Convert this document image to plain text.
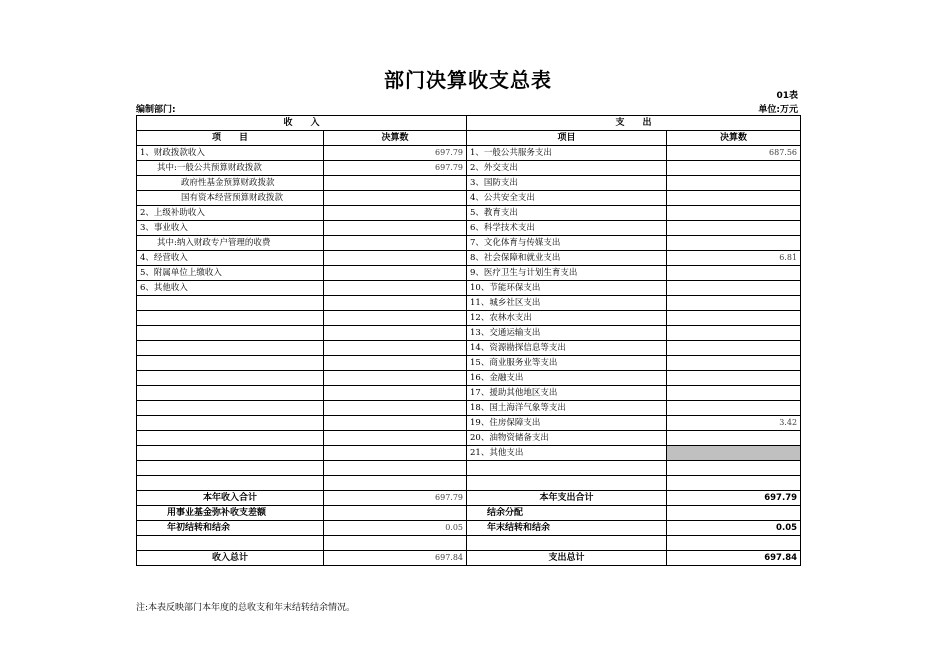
部门决算收支总表
01表
编制部门:	单位:万元
收　　入		支　　出	
项　　目	决算数	项目	决算数
1、财政拨款收入	697.79	1、一般公共服务支出	687.56
其中:一般公共预算财政拨款	697.79	2、外交支出	
政府性基金预算财政拨款		3、国防支出	
国有资本经营预算财政拨款		4、公共安全支出	
2、上级补助收入		5、教育支出	
3、事业收入		6、科学技术支出	
其中:纳入财政专户管理的收费		7、文化体育与传媒支出	
4、经营收入		8、社会保障和就业支出	6.81
5、附属单位上缴收入		9、医疗卫生与计划生育支出	
6、其他收入		10、节能环保支出	
		11、城乡社区支出	
		12、农林水支出	
		13、交通运输支出	
		14、资源勘探信息等支出	
		15、商业服务业等支出	
		16、金融支出	
		17、援助其他地区支出	
		18、国土海洋气象等支出	
		19、住房保障支出	3.42
		20、油物资储备支出	
		21、其他支出	

本年收入合计	697.79	本年支出合计	697.79
用事业基金弥补收支差额		结余分配	
年初结转和结余	0.05	年末结转和结余	0.05

收入总计	697.84	支出总计	697.84
注:本表反映部门本年度的总收支和年末结转结余情况。
